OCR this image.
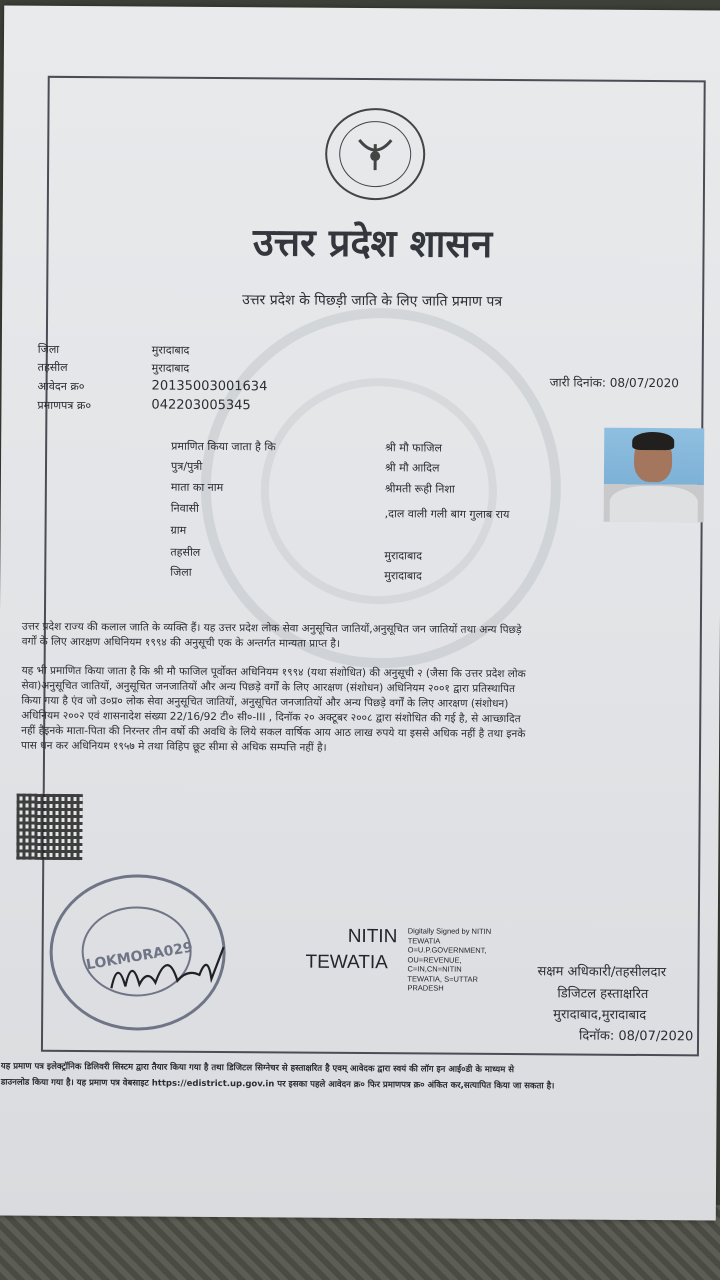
उत्तर प्रदेश शासन
उत्तर प्रदेश के पिछड़ी जाति के लिए जाति प्रमाण पत्र
जिला	मुरादाबाद
तहसील	मुरादाबाद
आवेदन क्र०	20135003001634
प्रमाणपत्र क्र०	042203005345
जारी दिनांक: 08/07/2020
प्रमाणित किया जाता है कि	श्री मौ फाजिल
पुत्र/पुत्री	श्री मौ आदिल
माता का नाम	श्रीमती रूही निशा
निवासी	,दाल वाली गली बाग गुलाब राय
ग्राम
तहसील	मुरादाबाद
जिला	मुरादाबाद
उत्तर प्रदेश राज्य की कलाल जाति के व्यक्ति हैं। यह उत्तर प्रदेश लोक सेवा अनुसूचित जातियों,अनुसूचित जन जातियों तथा अन्य पिछड़े
वर्गों के लिए आरक्षण अधिनियम १९९४ की अनुसूची एक के अन्तर्गत मान्यता प्राप्त है।
यह भी प्रमाणित किया जाता है कि श्री मौ फाजिल पूर्वोक्त अधिनियम १९९४ (यथा संशोधित) की अनुसूची २ (जैसा कि उत्तर प्रदेश लोक
सेवा)अनुसूचित जातियों, अनुसूचित जनजातियों और अन्य पिछड़े वर्गों के लिए आरक्षण (संशोधन) अधिनियम २००१ द्वारा प्रतिस्थापित
किया गया है एंव जो उ०प्र० लोक सेवा अनुसूचित जातियों, अनुसूचित जनजातियों और अन्य पिछड़े वर्गों के लिए आरक्षण (संशोधन)
अधिनियम २००२ एवं शासनादेश संख्या 22/16/92 टी० सी०-III , दिनॉक २० अक्टूबर २००८ द्वारा संशोधित की गई है, से आच्छादित
नहीं हैइनके माता-पिता की निरन्तर तीन वर्षो की अवधि के लिये सकल वार्षिक आय आठ लाख रुपये या इससे अधिक नहीं है तथा इनके
पास धन कर अधिनियम १९५७ मे तथा विहिप छूट सीमा से अधिक सम्पत्ति नहीं है।
LOKMORA029
NITIN
TEWATIA
Digitally Signed by NITIN
TEWATIA
O=U.P.GOVERNMENT,
OU=REVENUE,
C=IN,CN=NITIN
TEWATIA, S=UTTAR
PRADESH
सक्षम अधिकारी/तहसीलदार
डिजिटल हस्ताक्षरित
मुरादाबाद,मुरादाबाद
दिनॉक: 08/07/2020
यह प्रमाण पत्र इलेक्ट्रॉनिक डिलिवरी सिस्टम द्वारा तैयार किया गया है तथा डिजिटल सिग्नेचर से हस्ताक्षरित है एवम् आवेदक द्वारा स्वयं की लॉग इन आई०डी के माध्यम से
डाउनलोड किया गया है। यह प्रमाण पत्र वेबसाइट https://edistrict.up.gov.in पर इसका पहले आवेदन क्र० फिर प्रमाणपत्र क्र० अंकित कर,सत्यापित किया जा सकता है।
